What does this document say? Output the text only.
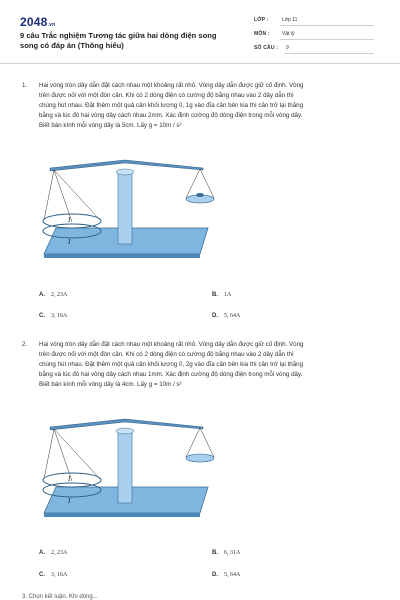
2048.vn
9 câu Trắc nghiệm Tương tác giữa hai dòng điện song song có đáp án (Thông hiểu)
LỚP :	Lớp 11
MÔN : Vật lý
SỐ CÂU : 9
1. Hai vòng tròn dây dẫn đặt cách nhau một khoảng rất nhỏ. Vòng dây dẫn được giữ cố định. Vòng
trên được nối với một đòn cân. Khi có 2 dòng điện có cường độ bằng nhau vào 2 dây dẫn thì
chúng hút nhau. Đặt thêm một quả cân khối lượng 0, 1g vào đĩa cân bên kia thì cân trở lại thăng
bằng và lúc đó hai vòng dây cách nhau 2mm. Xác định cường độ dòng điện trong mỗi vòng dây.
Biết bán kính mỗi vòng dây là 5cm. Lấy g = 10m / s²
I
I
A. 2, 23A	B. 1A
C. 3, 16A	D. 5, 64A
2. Hai vòng tròn dây dẫn đặt cách nhau một khoảng rất nhỏ. Vòng dây dẫn được giữ cố định. Vòng
trên được nối với một đòn cân. Khi có 2 dòng điện có cường độ bằng nhau vào 2 dây dẫn thì
chúng hút nhau. Đặt thêm một quả cân khối lượng 0, 2g vào đĩa cân bên kia thì cân trở lại thăng
bằng và lúc đó hai vòng dây cách nhau 1mm. Xác định cường độ dòng điện trong mỗi vòng dây.
Biết bán kính mỗi vòng dây là 4cm. Lấy g = 10m / s²
I
I
A. 2, 23A	B. 6, 31A
C. 3, 16A	D. 5, 64A
3. Chọn kết luận. Khi dòng...
